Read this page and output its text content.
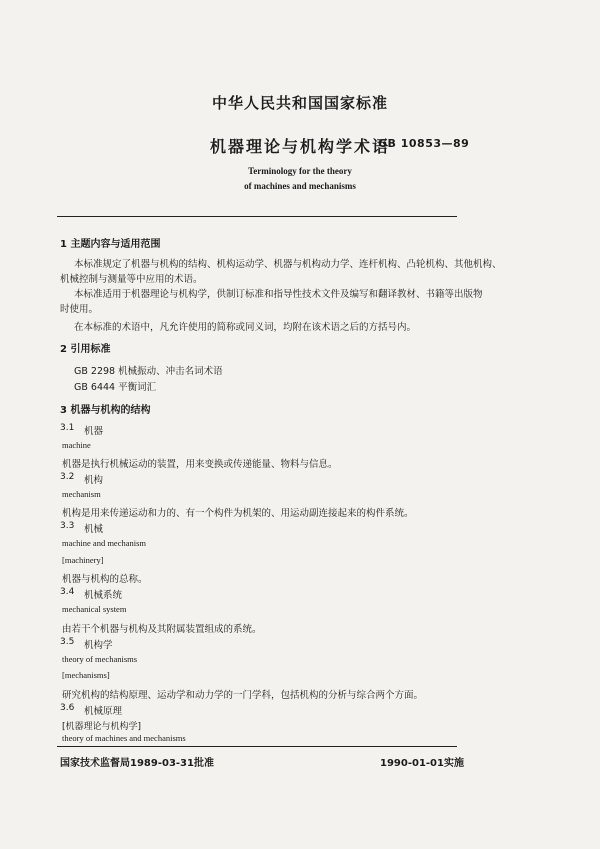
中华人民共和国国家标准
机器理论与机构学术语
GB 10853—89
Terminology for the theory
of machines and mechanisms
1 主题内容与适用范围
本标准规定了机器与机构的结构、机构运动学、机器与机构动力学、连杆机构、凸轮机构、其他机构、
机械控制与测量等中应用的术语。
本标准适用于机器理论与机构学，供制订标准和指导性技术文件及编写和翻译教材、书籍等出版物
时使用。
在本标准的术语中，凡允许使用的简称或同义词，均附在该术语之后的方括号内。
2 引用标准
GB 2298 机械振动、冲击名词术语
GB 6444 平衡词汇
3 机器与机构的结构
3.1 机器
machine
机器是执行机械运动的装置，用来变换或传递能量、物料与信息。
3.2 机构
mechanism
机构是用来传递运动和力的、有一个构件为机架的、用运动副连接起来的构件系统。
3.3 机械
machine and mechanism
[machinery]
机器与机构的总称。
3.4 机械系统
mechanical system
由若干个机器与机构及其附属装置组成的系统。
3.5 机构学
theory of mechanisms
[mechanisms]
研究机构的结构原理、运动学和动力学的一门学科，包括机构的分析与综合两个方面。
3.6 机械原理
[机器理论与机构学]
theory of machines and mechanisms
国家技术监督局1989-03-31批准	1990-01-01实施
